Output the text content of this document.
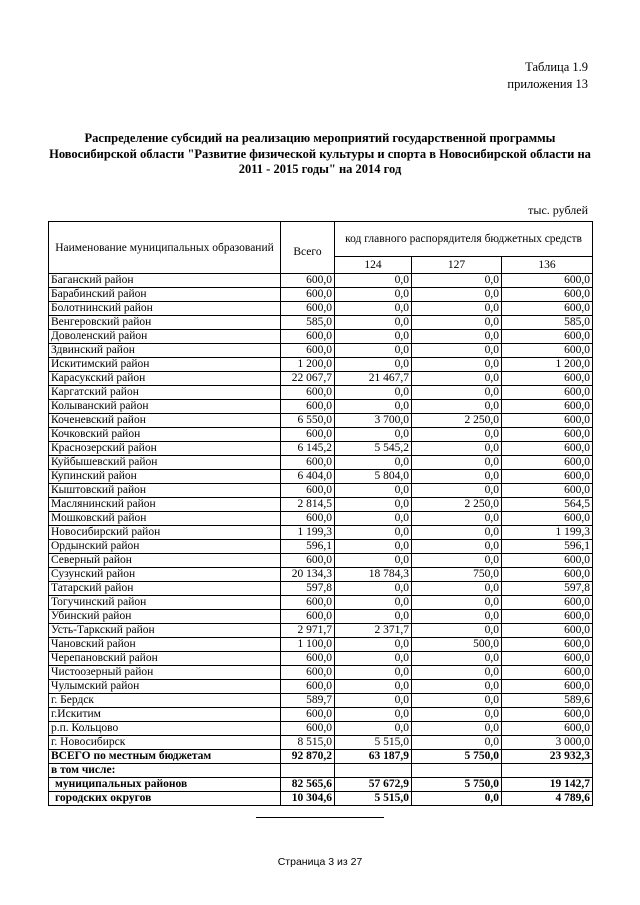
Таблица 1.9
приложения 13
Распределение субсидий на реализацию мероприятий государственной программы
Новосибирской области "Развитие физической культуры и спорта в Новосибирской области на
2011 - 2015 годы" на 2014 год
тыс. рублей
Наименование муниципальных образований	Всего	код главного распорядителя бюджетных средств		
		124	127	136
Баганский район	600,0	0,0	0,0	600,0
Барабинский район	600,0	0,0	0,0	600,0
Болотнинский район	600,0	0,0	0,0	600,0
Венгеровский район	585,0	0,0	0,0	585,0
Доволенский район	600,0	0,0	0,0	600,0
Здвинский район	600,0	0,0	0,0	600,0
Искитимский район	1 200,0	0,0	0,0	1 200,0
Карасукский район	22 067,7	21 467,7	0,0	600,0
Каргатский район	600,0	0,0	0,0	600,0
Колыванский район	600,0	0,0	0,0	600,0
Коченевский район	6 550,0	3 700,0	2 250,0	600,0
Кочковский район	600,0	0,0	0,0	600,0
Краснозерский район	6 145,2	5 545,2	0,0	600,0
Куйбышевский район	600,0	0,0	0,0	600,0
Купинский район	6 404,0	5 804,0	0,0	600,0
Кыштовский район	600,0	0,0	0,0	600,0
Маслянинский район	2 814,5	0,0	2 250,0	564,5
Мошковский район	600,0	0,0	0,0	600,0
Новосибирский район	1 199,3	0,0	0,0	1 199,3
Ордынский район	596,1	0,0	0,0	596,1
Северный район	600,0	0,0	0,0	600,0
Сузунский район	20 134,3	18 784,3	750,0	600,0
Татарский район	597,8	0,0	0,0	597,8
Тогучинский район	600,0	0,0	0,0	600,0
Убинский район	600,0	0,0	0,0	600,0
Усть-Таркский район	2 971,7	2 371,7	0,0	600,0
Чановский район	1 100,0	0,0	500,0	600,0
Черепановский район	600,0	0,0	0,0	600,0
Чистоозерный район	600,0	0,0	0,0	600,0
Чулымский район	600,0	0,0	0,0	600,0
г. Бердск	589,7	0,0	0,0	589,6
г.Искитим	600,0	0,0	0,0	600,0
р.п. Кольцово	600,0	0,0	0,0	600,0
г. Новосибирск	8 515,0	5 515,0	0,0	3 000,0
ВСЕГО по местным бюджетам	92 870,2	63 187,9	5 750,0	23 932,3
в том числе:				
муниципальных районов	82 565,6	57 672,9	5 750,0	19 142,7
городских округов	10 304,6	5 515,0	0,0	4 789,6
Страница 3 из 27
